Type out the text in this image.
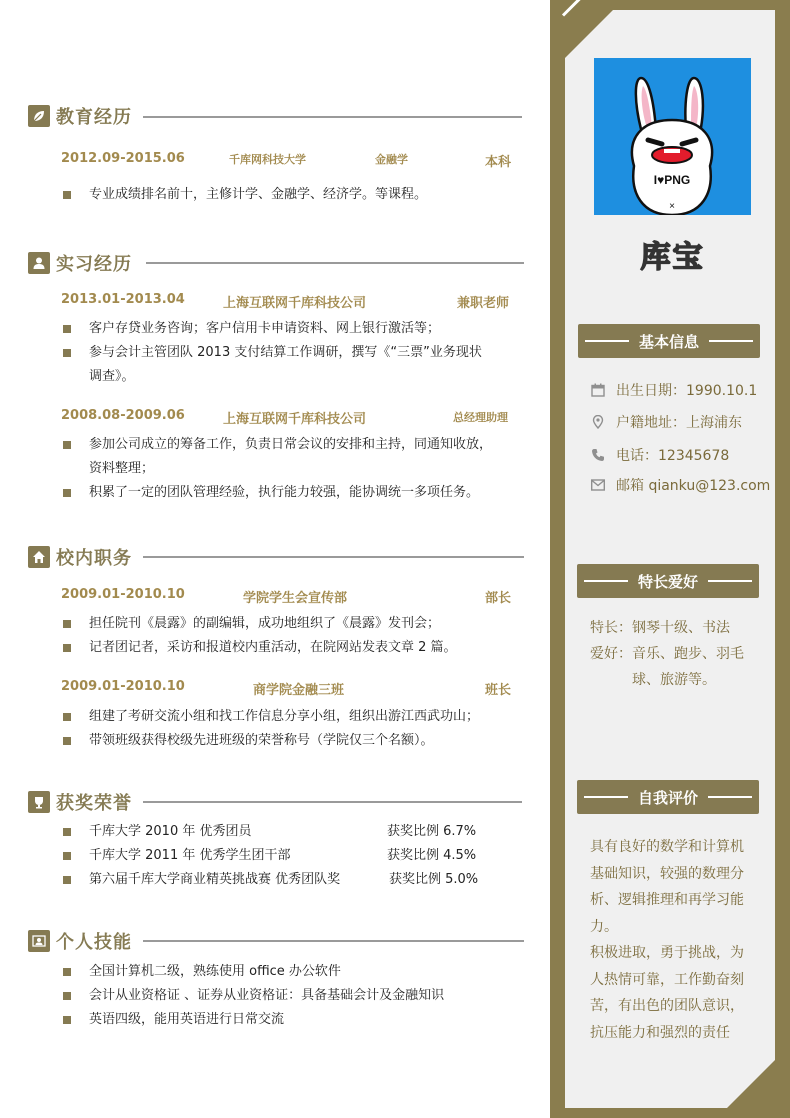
教育经历
2012.09-2015.06	千库网科技大学	金融学	本科
专业成绩排名前十，主修计学、金融学、经济学。等课程。
实习经历
2013.01-2013.04	上海互联网千库科技公司	兼职老师
客户存贷业务咨询；客户信用卡申请资料、网上银行激活等；
参与会计主管团队 2013 支付结算工作调研，撰写《“三票”业务现状
调查》。
2008.08-2009.06	上海互联网千库科技公司	总经理助理
参加公司成立的筹备工作，负责日常会议的安排和主持，同通知收放，
资料整理；
积累了一定的团队管理经验，执行能力较强，能协调统一多项任务。
校内职务
2009.01-2010.10	学院学生会宣传部	部长
担任院刊《晨露》的副编辑，成功地组织了《晨露》发刊会；
记者团记者，采访和报道校内重活动，在院网站发表文章 2 篇。
2009.01-2010.10	商学院金融三班	班长
组建了考研交流小组和找工作信息分享小组，组织出游江西武功山；
带领班级获得校级先进班级的荣誉称号（学院仅三个名额）。
获奖荣誉
千库大学 2010 年 优秀团员	获奖比例 6.7%
千库大学 2011 年 优秀学生团干部	获奖比例 4.5%
第六届千库大学商业精英挑战赛 优秀团队奖	获奖比例 5.0%
个人技能
全国计算机二级，熟练使用 office 办公软件
会计从业资格证 、证券从业资格证：具备基础会计及金融知识
英语四级，能用英语进行日常交流
I♥PNG
×
库宝
基本信息
出生日期：1990.10.1
户籍地址：上海浦东
电话：12345678
邮箱 qianku@123.com
特长爱好
特长：钢琴十级、书法
爱好：音乐、跑步、羽毛
球、旅游等。
自我评价
具有良好的数学和计算机
基础知识，较强的数理分
析、逻辑推理和再学习能
力。
积极进取，勇于挑战，为
人热情可靠，工作勤奋刻
苦，有出色的团队意识，
抗压能力和强烈的责任
